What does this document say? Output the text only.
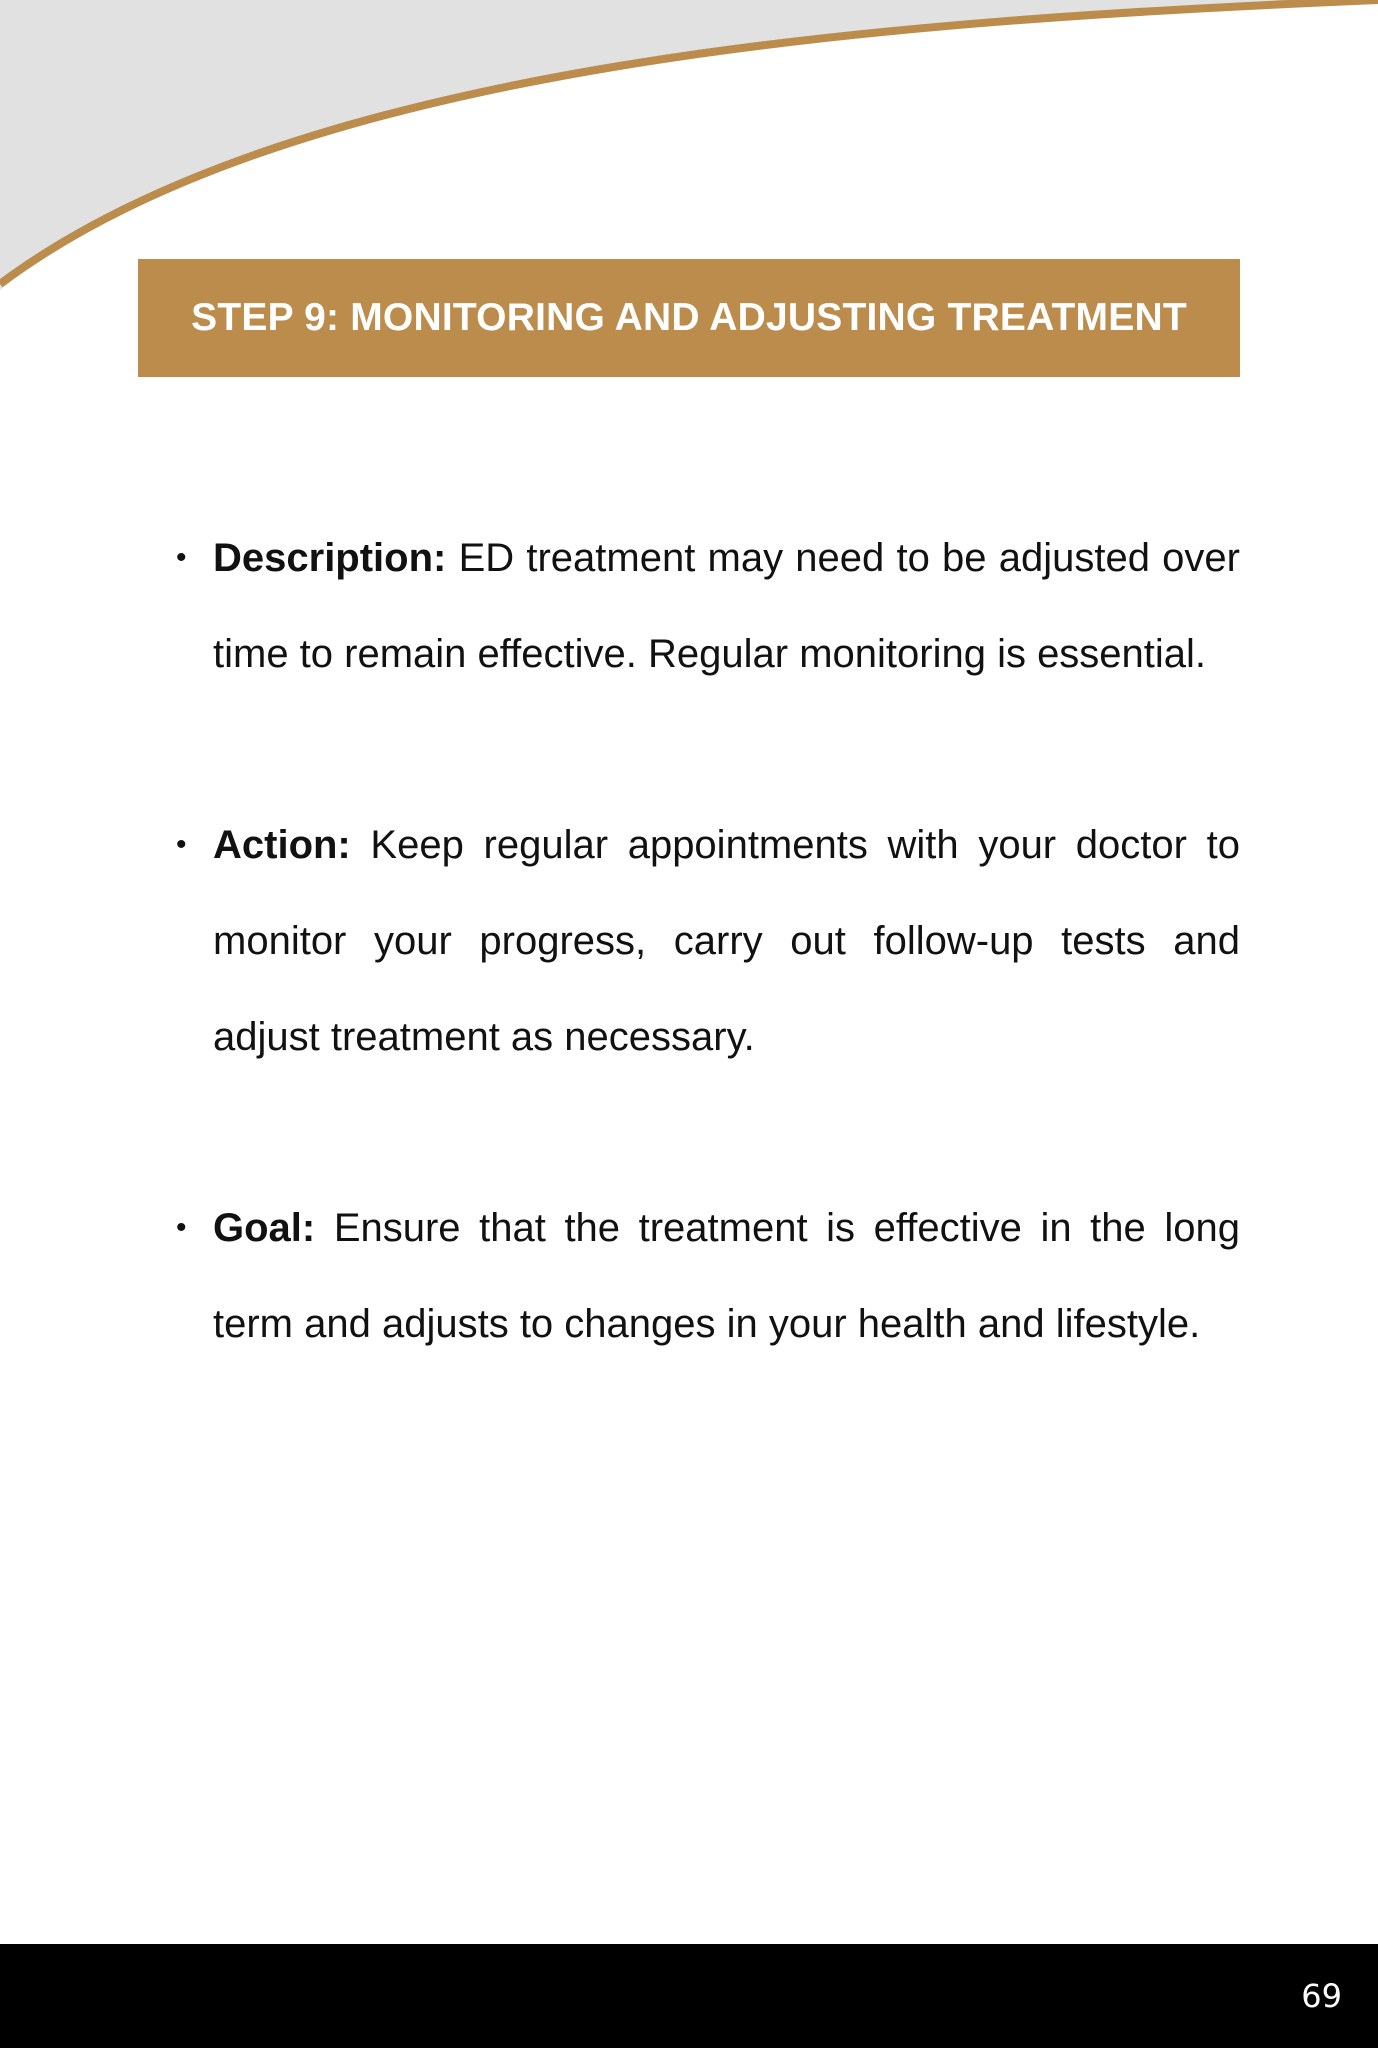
STEP 9: MONITORING AND ADJUSTING TREATMENT
• Description: ED treatment may need to be adjusted over time to remain effective. Regular monitoring is essential.
• Action: Keep regular appointments with your doctor to monitor your progress, carry out follow-up tests and adjust treatment as necessary.
• Goal: Ensure that the treatment is effective in the long term and adjusts to changes in your health and lifestyle.
69
